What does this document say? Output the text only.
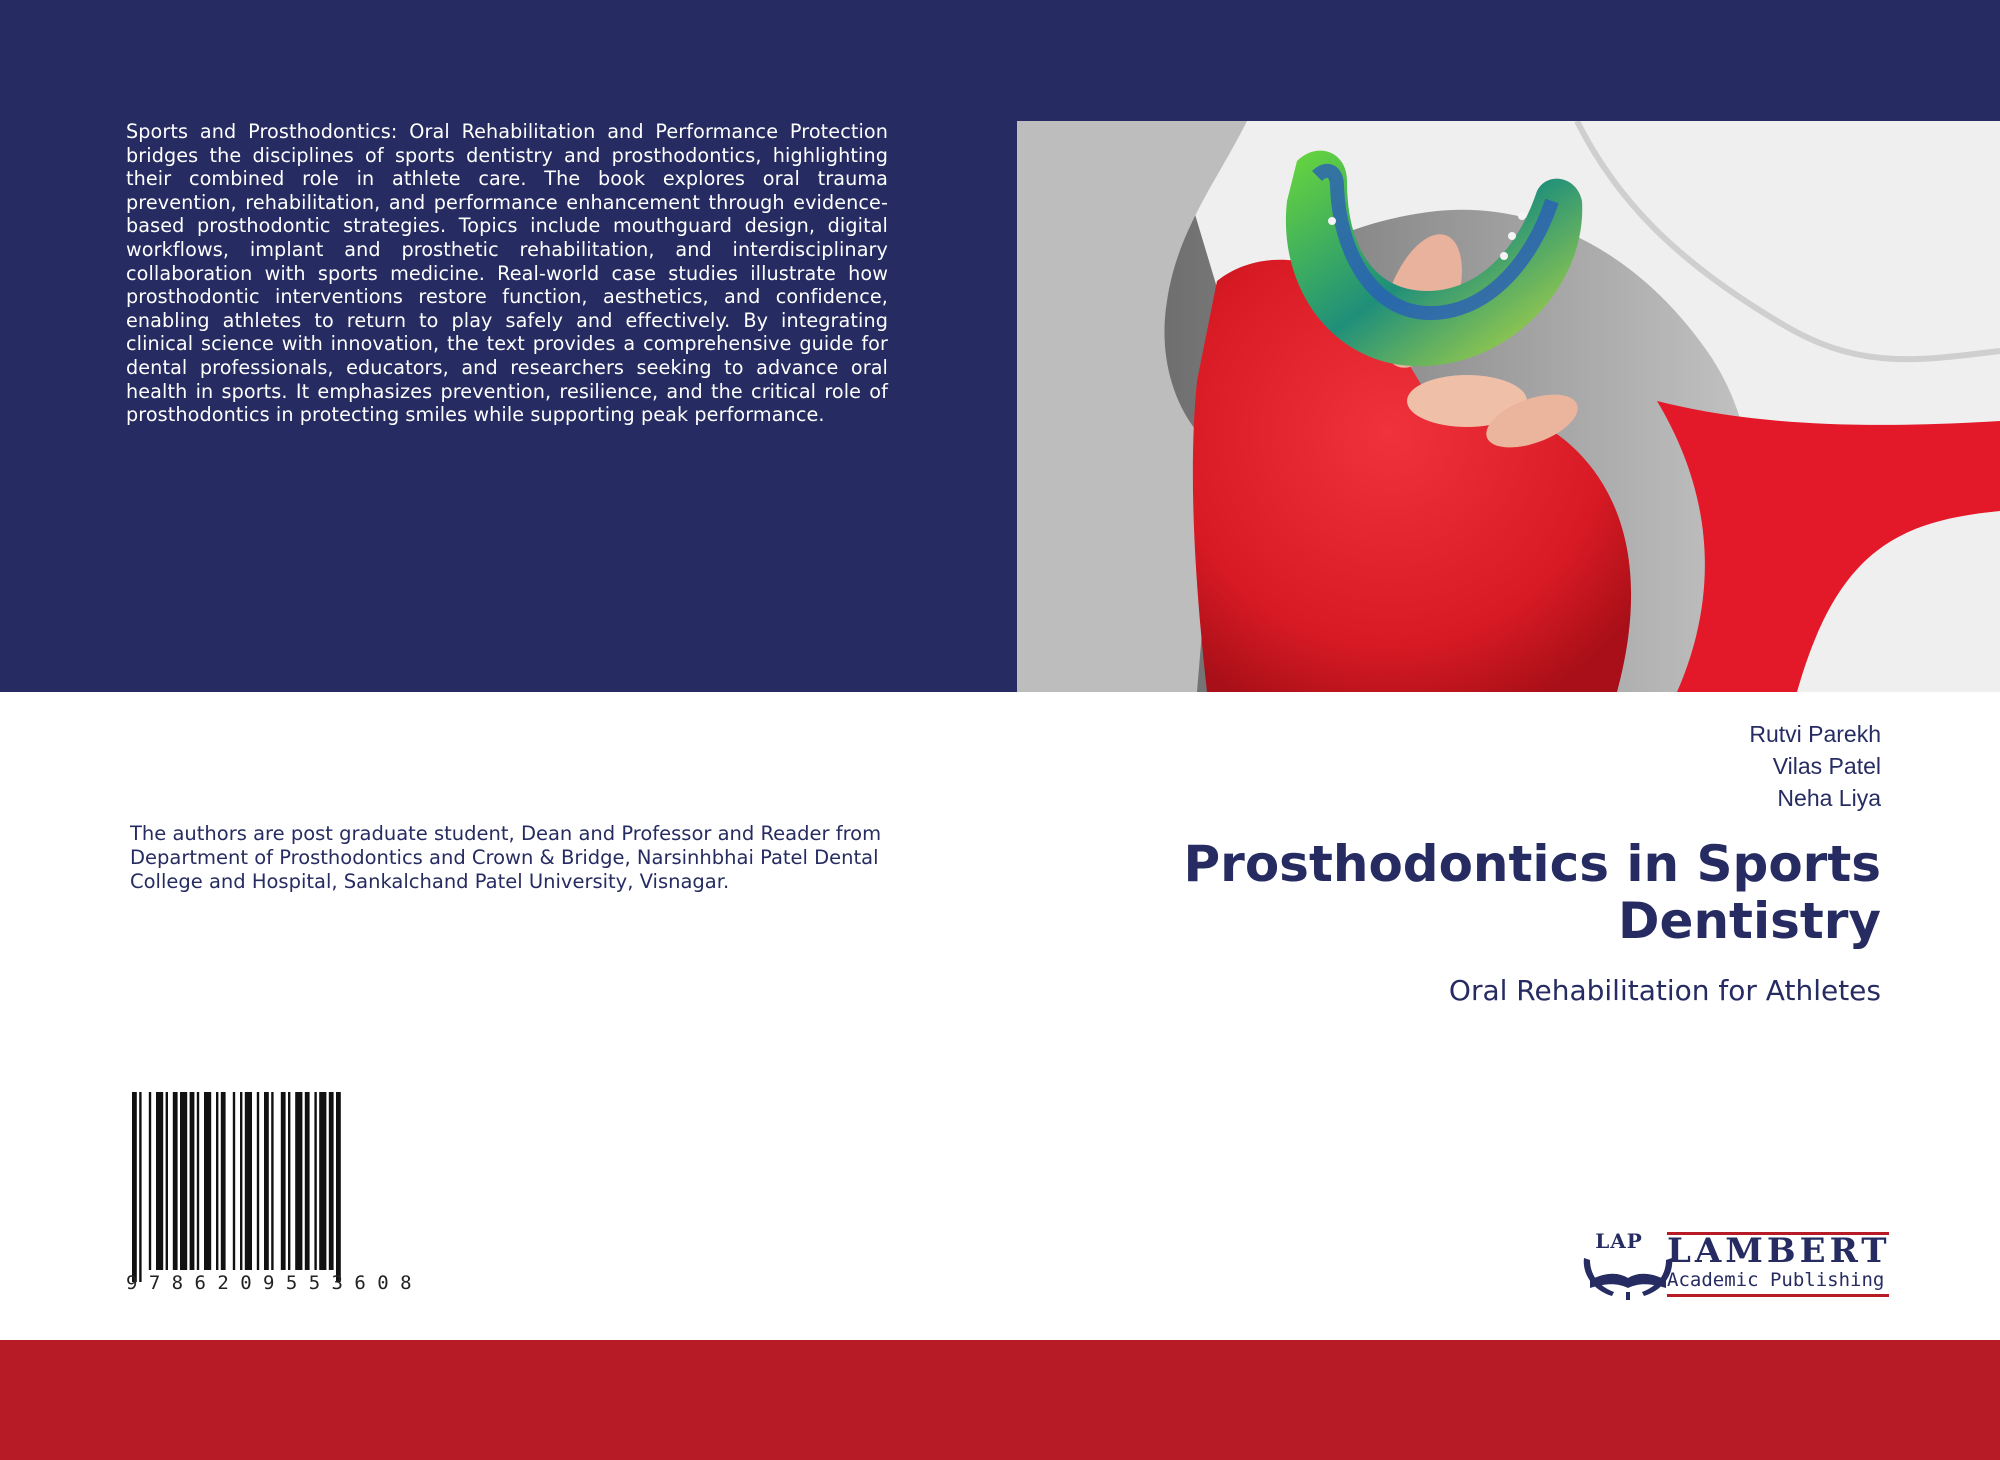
Sports and Prosthodontics: Oral Rehabilitation and Performance Protection bridges the disciplines of sports dentistry and prosthodontics, highlighting their combined role in athlete care. The book explores oral trauma prevention, rehabilitation, and performance enhancement through evidence-based prosthodontic strategies. Topics include mouthguard design, digital workflows, implant and prosthetic rehabilitation, and interdisciplinary collaboration with sports medicine. Real-world case studies illustrate how prosthodontic interventions restore function, aesthetics, and confidence, enabling athletes to return to play safely and effectively. By integrating clinical science with innovation, the text provides a comprehensive guide for dental professionals, educators, and researchers seeking to advance oral health in sports. It emphasizes prevention, resilience, and the critical role of prosthodontics in protecting smiles while supporting peak performance.

The authors are post graduate student, Dean and Professor and Reader from Department of Prosthodontics and Crown & Bridge, Narsinhbhai Patel Dental College and Hospital, Sankalchand Patel University, Visnagar.

Rutvi Parekh
Vilas Patel
Neha Liya
Prosthodontics in Sports Dentistry
Oral Rehabilitation for Athletes
9786209553608
LAP LAMBERT
Academic Publishing
